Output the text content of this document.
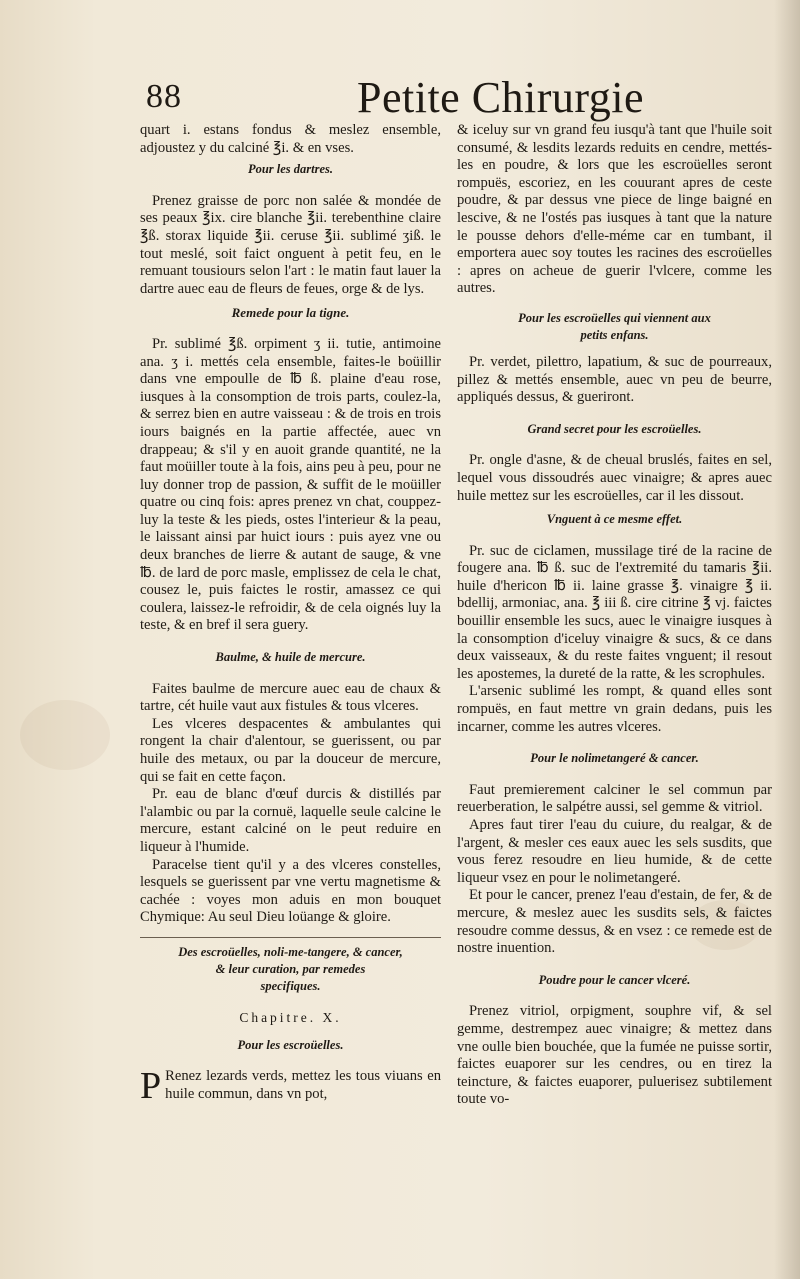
88	Petite Chirurgie

quart i. estans fondus & meslez ensemble, adjoustez y du calciné ℥i. & en vses.

Pour les dartres.

Prenez graisse de porc non salée & mondée de ses peaux ℥ix. cire blanche ℥ii. terebenthine claire ℥ß. storax liquide ℥ii. ceruse ℥ii. sublimé ʒiß. le tout meslé, soit faict onguent à petit feu, en le remuant tousiours selon l'art : le matin faut lauer la dartre auec eau de fleurs de feues, orge & de lys.

Remede pour la tigne.

Pr. sublimé ℥ß. orpiment ʒ ii. tutie, antimoine ana. ʒ i. mettés cela ensemble, faites-le boüillir dans vne empoulle de ℔ ß. plaine d'eau rose, iusques à la consomption de trois parts, coulez-la, & serrez bien en autre vaisseau : & de trois en trois iours baignés en la partie affectée, auec vn drappeau; & s'il y en auoit grande quantité, ne la faut moüiller toute à la fois, ains peu à peu, pour ne luy donner trop de passion, & suffit de le moüiller quatre ou cinq fois: apres prenez vn chat, couppez-luy la teste & les pieds, ostes l'interieur & la peau, le laissant ainsi par huict iours : puis ayez vne ou deux branches de lierre & autant de sauge, & vne ℔. de lard de porc masle, emplissez de cela le chat, cousez le, puis faictes le rostir, amassez ce qui coulera, laissez-le refroidir, & de cela oignés luy la teste, & en bref il sera guery.

Baulme, & huile de mercure.

Faites baulme de mercure auec eau de chaux & tartre, cét huile vaut aux fistules & tous vlceres.

Les vlceres despacentes & ambulantes qui rongent la chair d'alentour, se guerissent, ou par huile des metaux, ou par la douceur de mercure, qui se fait en cette façon.

Pr. eau de blanc d'œuf durcis & distillés par l'alambic ou par la cornuë, laquelle seule calcine le mercure, estant calciné on le peut reduire en liqueur à l'humide.

Paracelse tient qu'il y a des vlceres constelles, lesquels se guerissent par vne vertu magnetisme & cachée : voyes mon aduis en mon bouquet Chymique: Au seul Dieu loüange & gloire.

Des escroüelles, noli-me-tangere, & cancer,
& leur curation, par remedes
specifiques.
Chapitre. X.
Pour les escroüelles.

P Renez lezards verds, mettez les tous viuans en huile commun, dans vn pot,

& iceluy sur vn grand feu iusqu'à tant que l'huile soit consumé, & lesdits lezards reduits en cendre, mettés-les en poudre, & lors que les escroüelles seront rompuës, escoriez, en les couurant apres de ceste poudre, & par dessus vne piece de linge baigné en lescive, & ne l'ostés pas iusques à tant que la nature le pousse dehors d'elle-méme car en tumbant, il emportera auec soy toutes les racines des escroüelles : apres on acheue de guerir l'vlcere, comme les autres.

Pour les escroüelles qui viennent aux
petits enfans.

Pr. verdet, pilettro, lapatium, & suc de pourreaux, pillez & mettés ensemble, auec vn peu de beurre, appliqués dessus, & gueriront.

Grand secret pour les escroüelles.

Pr. ongle d'asne, & de cheual bruslés, faites en sel, lequel vous dissoudrés auec vinaigre; & apres auec huile mettez sur les escroüelles, car il les dissout.

Vnguent à ce mesme effet.

Pr. suc de ciclamen, mussilage tiré de la racine de fougere ana. ℔ ß. suc de l'extremité du tamaris ℥ii. huile d'hericon ℔ ii. laine grasse ℥. vinaigre ℥ ii. bdellij, armoniac, ana. ℥ iii ß. cire citrine ℥ vj. faictes bouillir ensemble les sucs, auec le vinaigre iusques à la consomption d'iceluy vinaigre & sucs, & ce dans deux vaisseaux, & du reste faites vnguent; il resout les apostemes, la dureté de la ratte, & les scrophules.

L'arsenic sublimé les rompt, & quand elles sont rompuës, en faut mettre vn grain dedans, puis les incarner, comme les autres vlceres.

Pour le nolimetangeré & cancer.

Faut premierement calciner le sel commun par reuerberation, le salpétre aussi, sel gemme & vitriol.

Apres faut tirer l'eau du cuiure, du realgar, & de l'argent, & mesler ces eaux auec les sels susdits, que vous ferez resoudre en lieu humide, & de cette liqueur vsez en pour le nolimetangeré.

Et pour le cancer, prenez l'eau d'estain, de fer, & de mercure, & meslez auec les susdits sels, & faictes resoudre comme dessus, & en vsez : ce remede est de nostre inuention.

Poudre pour le cancer vlceré.

Prenez vitriol, orpigment, souphre vif, & sel gemme, destrempez auec vinaigre; & mettez dans vne oulle bien bouchée, que la fumée ne puisse sortir, faictes euaporer sur les cendres, ou en tirez la teincture, & faictes euaporer, puluerisez subtilement toute vo-
